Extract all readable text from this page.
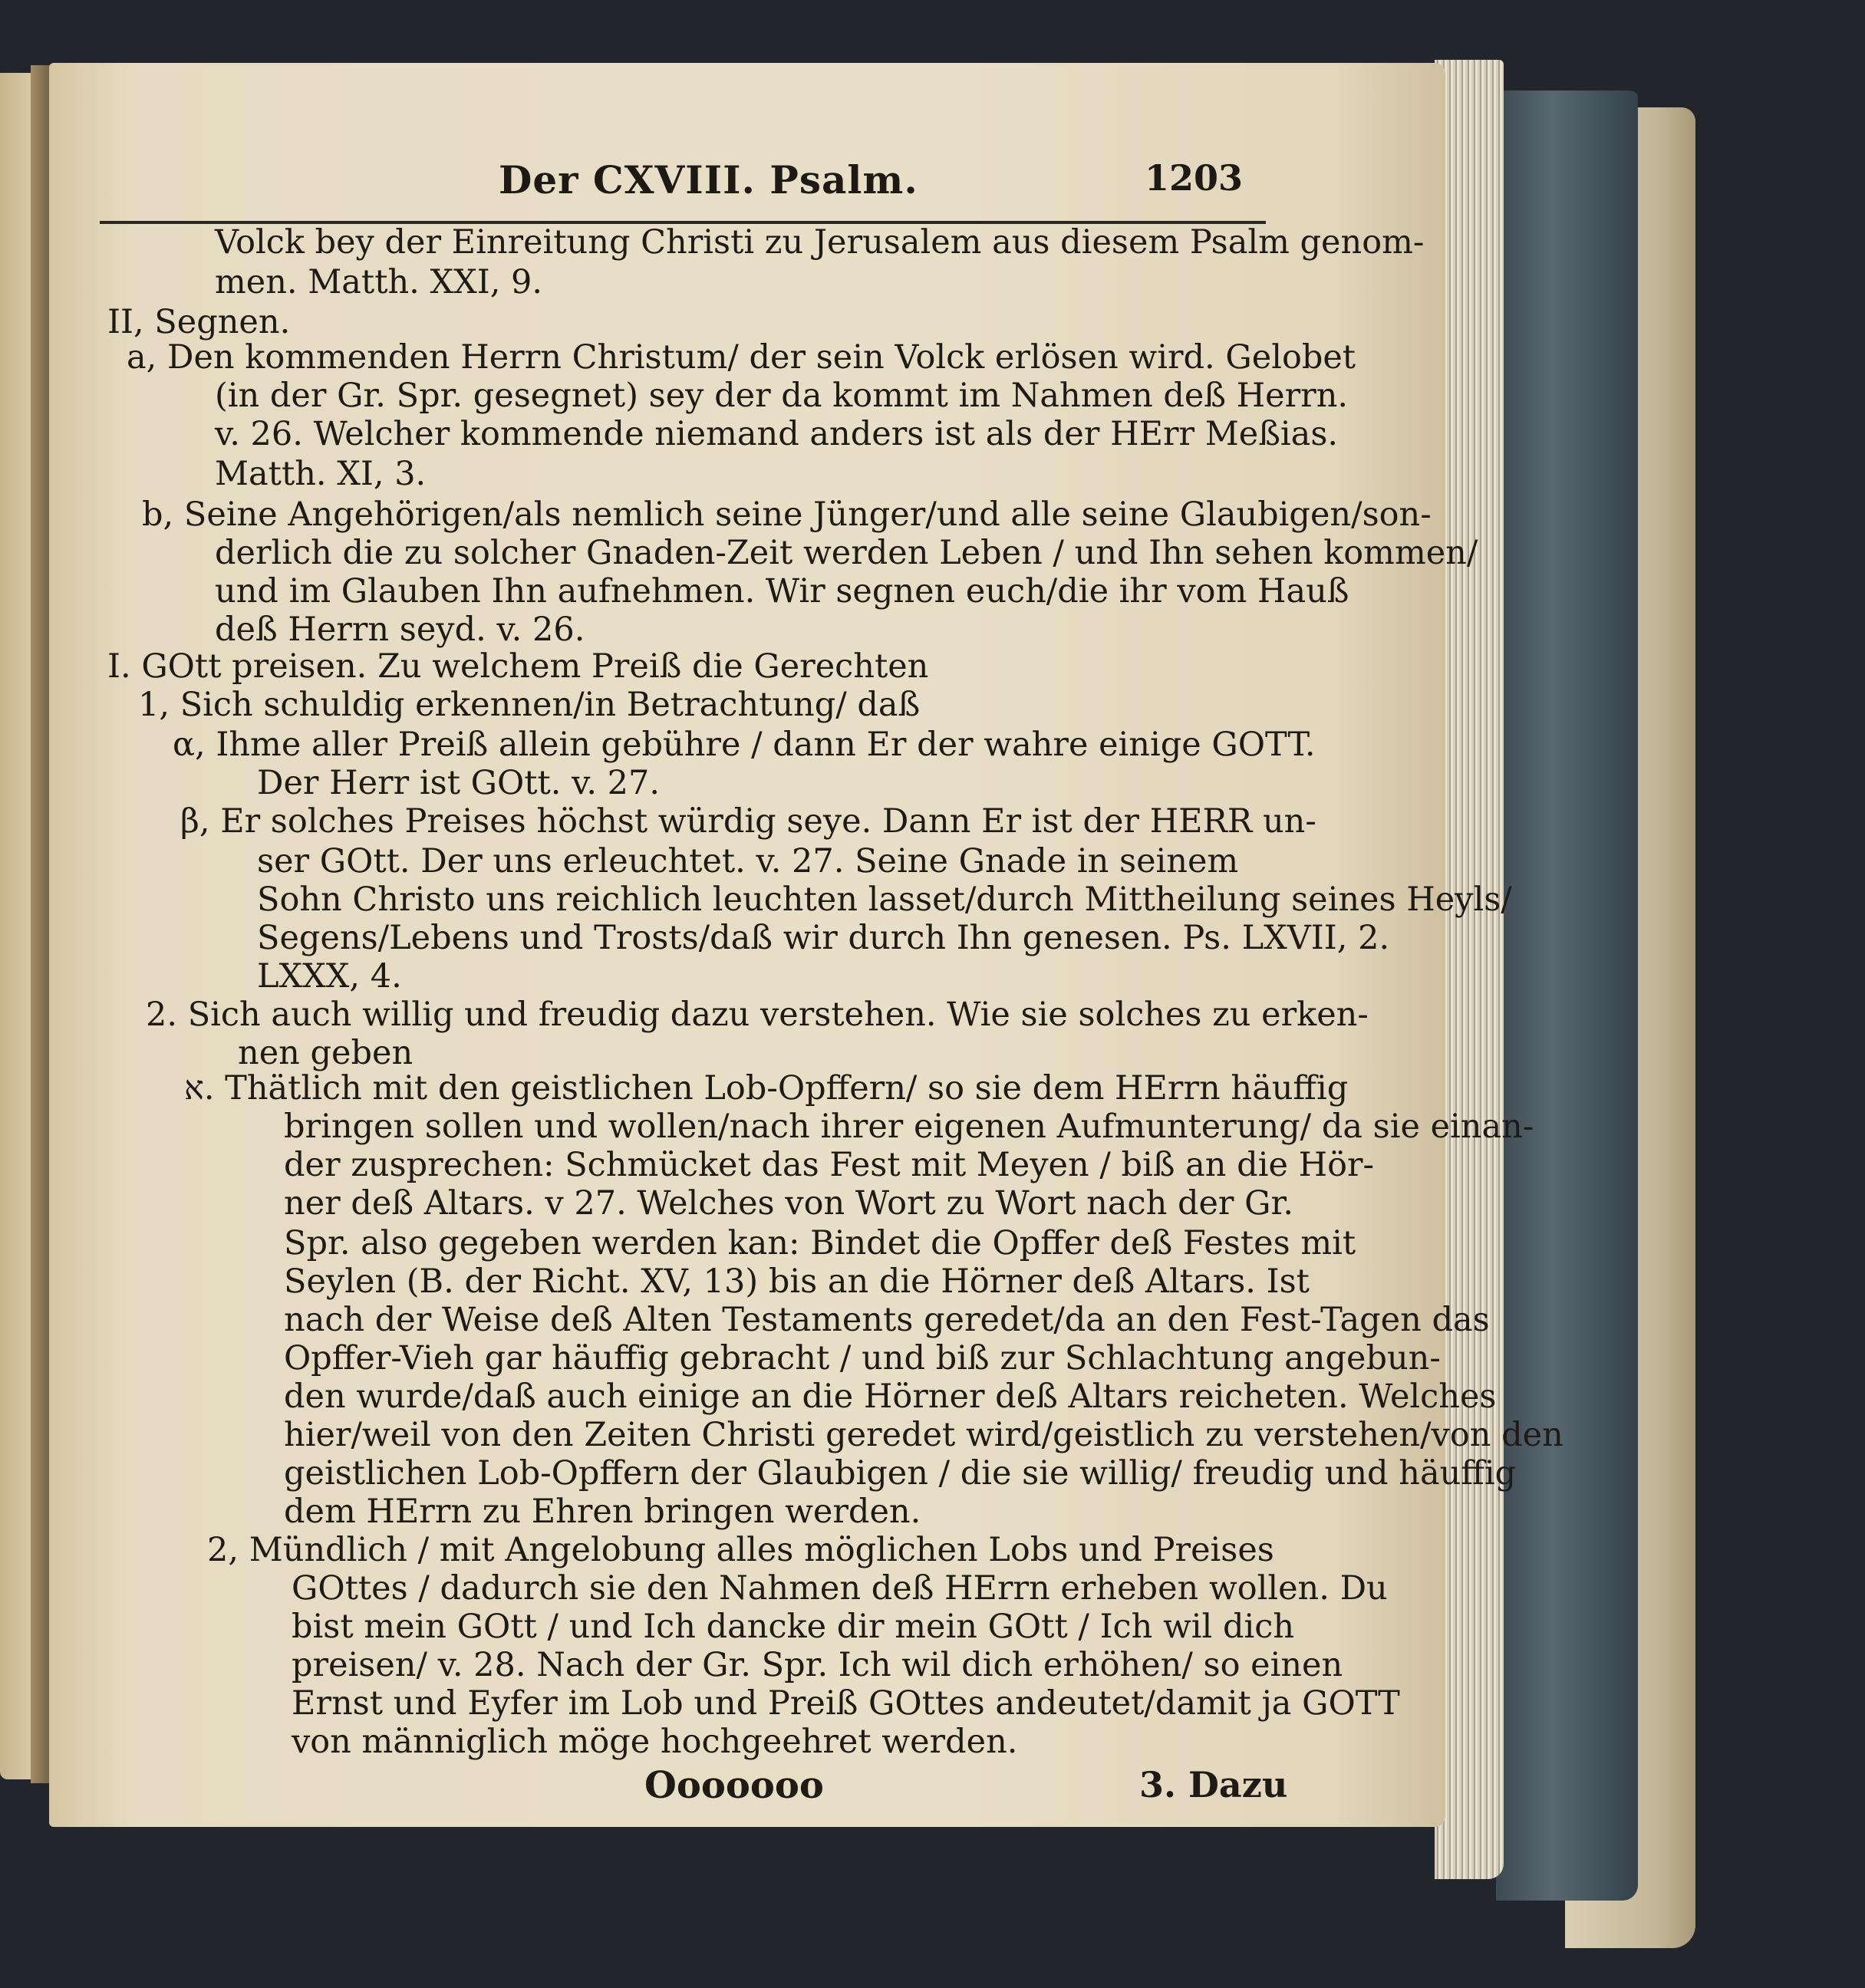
Der CXVIII. Psalm.	1203
Volck bey der Einreitung Christi zu Jerusalem aus diesem Psalm genom-
men. Matth. XXI, 9.
II, Segnen.
a, Den kommenden Herrn Christum/ der sein Volck erlösen wird. Gelobet
(in der Gr. Spr. gesegnet) sey der da kommt im Nahmen deß Herrn.
v. 26. Welcher kommende niemand anders ist als der HErr Meßias.
Matth. XI, 3.
b, Seine Angehörigen/als nemlich seine Jünger/und alle seine Glaubigen/son-
derlich die zu solcher Gnaden-Zeit werden Leben / und Ihn sehen kommen/
und im Glauben Ihn aufnehmen. Wir segnen euch/die ihr vom Hauß
deß Herrn seyd. v. 26.
I. GOtt preisen. Zu welchem Preiß die Gerechten
1, Sich schuldig erkennen/in Betrachtung/ daß
α, Ihme aller Preiß allein gebühre / dann Er der wahre einige GOTT.
Der Herr ist GOtt. v. 27.
β, Er solches Preises höchst würdig seye. Dann Er ist der HERR un-
ser GOtt. Der uns erleuchtet. v. 27. Seine Gnade in seinem
Sohn Christo uns reichlich leuchten lasset/durch Mittheilung seines Heyls/
Segens/Lebens und Trosts/daß wir durch Ihn genesen. Ps. LXVII, 2.
LXXX, 4.
2. Sich auch willig und freudig dazu verstehen. Wie sie solches zu erken-
nen geben
א. Thätlich mit den geistlichen Lob-Opffern/ so sie dem HErrn häuffig
bringen sollen und wollen/nach ihrer eigenen Aufmunterung/ da sie einan-
der zusprechen: Schmücket das Fest mit Meyen / biß an die Hör-
ner deß Altars. v 27. Welches von Wort zu Wort nach der Gr.
Spr. also gegeben werden kan: Bindet die Opffer deß Festes mit
Seylen (B. der Richt. XV, 13) bis an die Hörner deß Altars. Ist
nach der Weise deß Alten Testaments geredet/da an den Fest-Tagen das
Opffer-Vieh gar häuffig gebracht / und biß zur Schlachtung angebun-
den wurde/daß auch einige an die Hörner deß Altars reicheten. Welches
hier/weil von den Zeiten Christi geredet wird/geistlich zu verstehen/von den
geistlichen Lob-Opffern der Glaubigen / die sie willig/ freudig und häuffig
dem HErrn zu Ehren bringen werden.
2, Mündlich / mit Angelobung alles möglichen Lobs und Preises
GOttes / dadurch sie den Nahmen deß HErrn erheben wollen. Du
bist mein GOtt / und Ich dancke dir mein GOtt / Ich wil dich
preisen/ v. 28. Nach der Gr. Spr. Ich wil dich erhöhen/ so einen
Ernst und Eyfer im Lob und Preiß GOttes andeutet/damit ja GOTT
von männiglich möge hochgeehret werden.
Ooooooo	3. Dazu
